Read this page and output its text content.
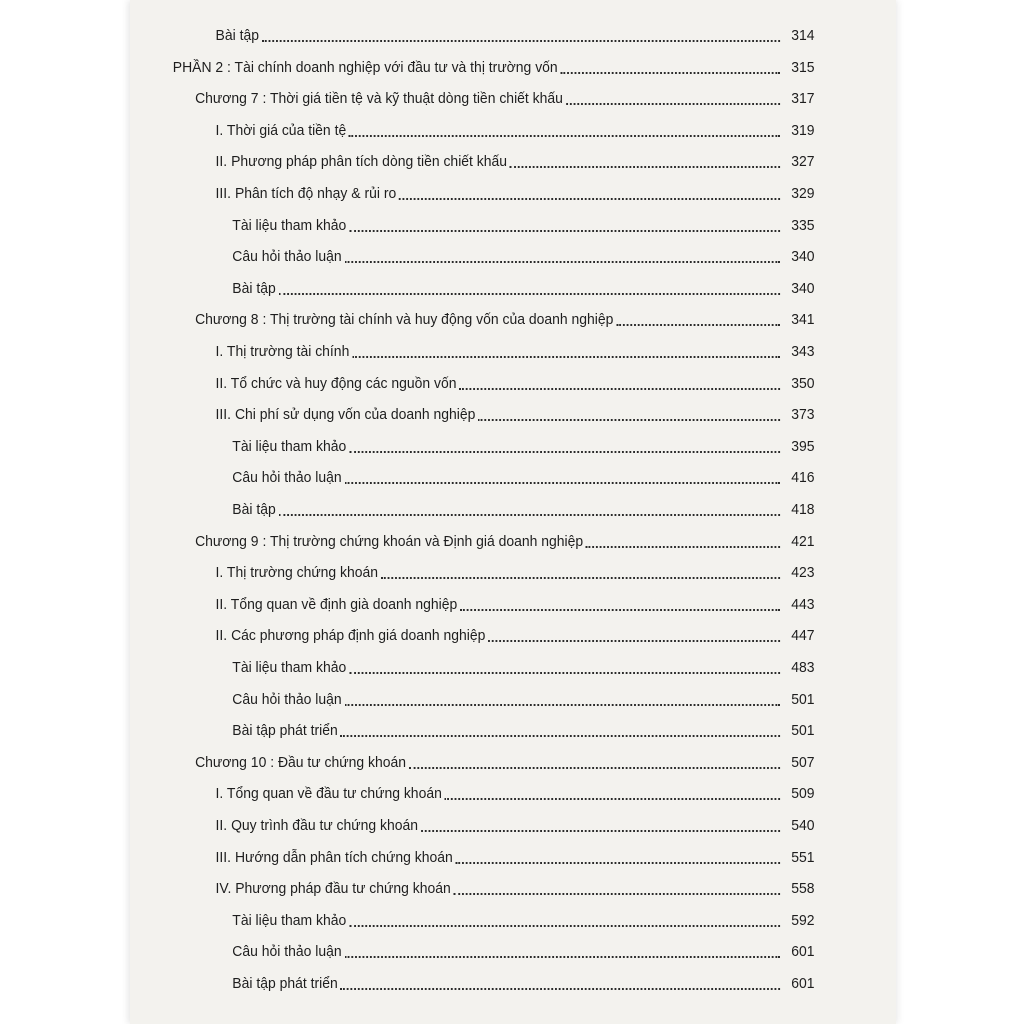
Bài tập	314
PHẦN 2 : Tài chính doanh nghiệp với đầu tư và thị trường vốn	315
Chương 7 : Thời giá tiền tệ và kỹ thuật dòng tiền chiết khấu	317
I. Thời giá của tiền tệ	319
II. Phương pháp phân tích dòng tiền chiết khấu	327
III. Phân tích độ nhạy & rủi ro	329
Tài liệu tham khảo	335
Câu hỏi thảo luận	340
Bài tập	340
Chương 8 : Thị trường tài chính và huy động vốn của doanh nghiệp	341
I. Thị trường tài chính	343
II. Tổ chức và huy động các nguồn vốn	350
III. Chi phí sử dụng vốn của doanh nghiệp	373
Tài liệu tham khảo	395
Câu hỏi thảo luận	416
Bài tập	418
Chương 9 : Thị trường chứng khoán và Định giá doanh nghiệp	421
I. Thị trường chứng khoán	423
II. Tổng quan về định già doanh nghiệp	443
II. Các phương pháp định giá doanh nghiệp	447
Tài liệu tham khảo	483
Câu hỏi thảo luận	501
Bài tập phát triển	501
Chương 10 : Đầu tư chứng khoán	507
I. Tổng quan về đầu tư chứng khoán	509
II. Quy trình đầu tư chứng khoán	540
III. Hướng dẫn phân tích chứng khoán	551
IV. Phương pháp đầu tư chứng khoán	558
Tài liệu tham khảo	592
Câu hỏi thảo luận	601
Bài tập phát triển	601
